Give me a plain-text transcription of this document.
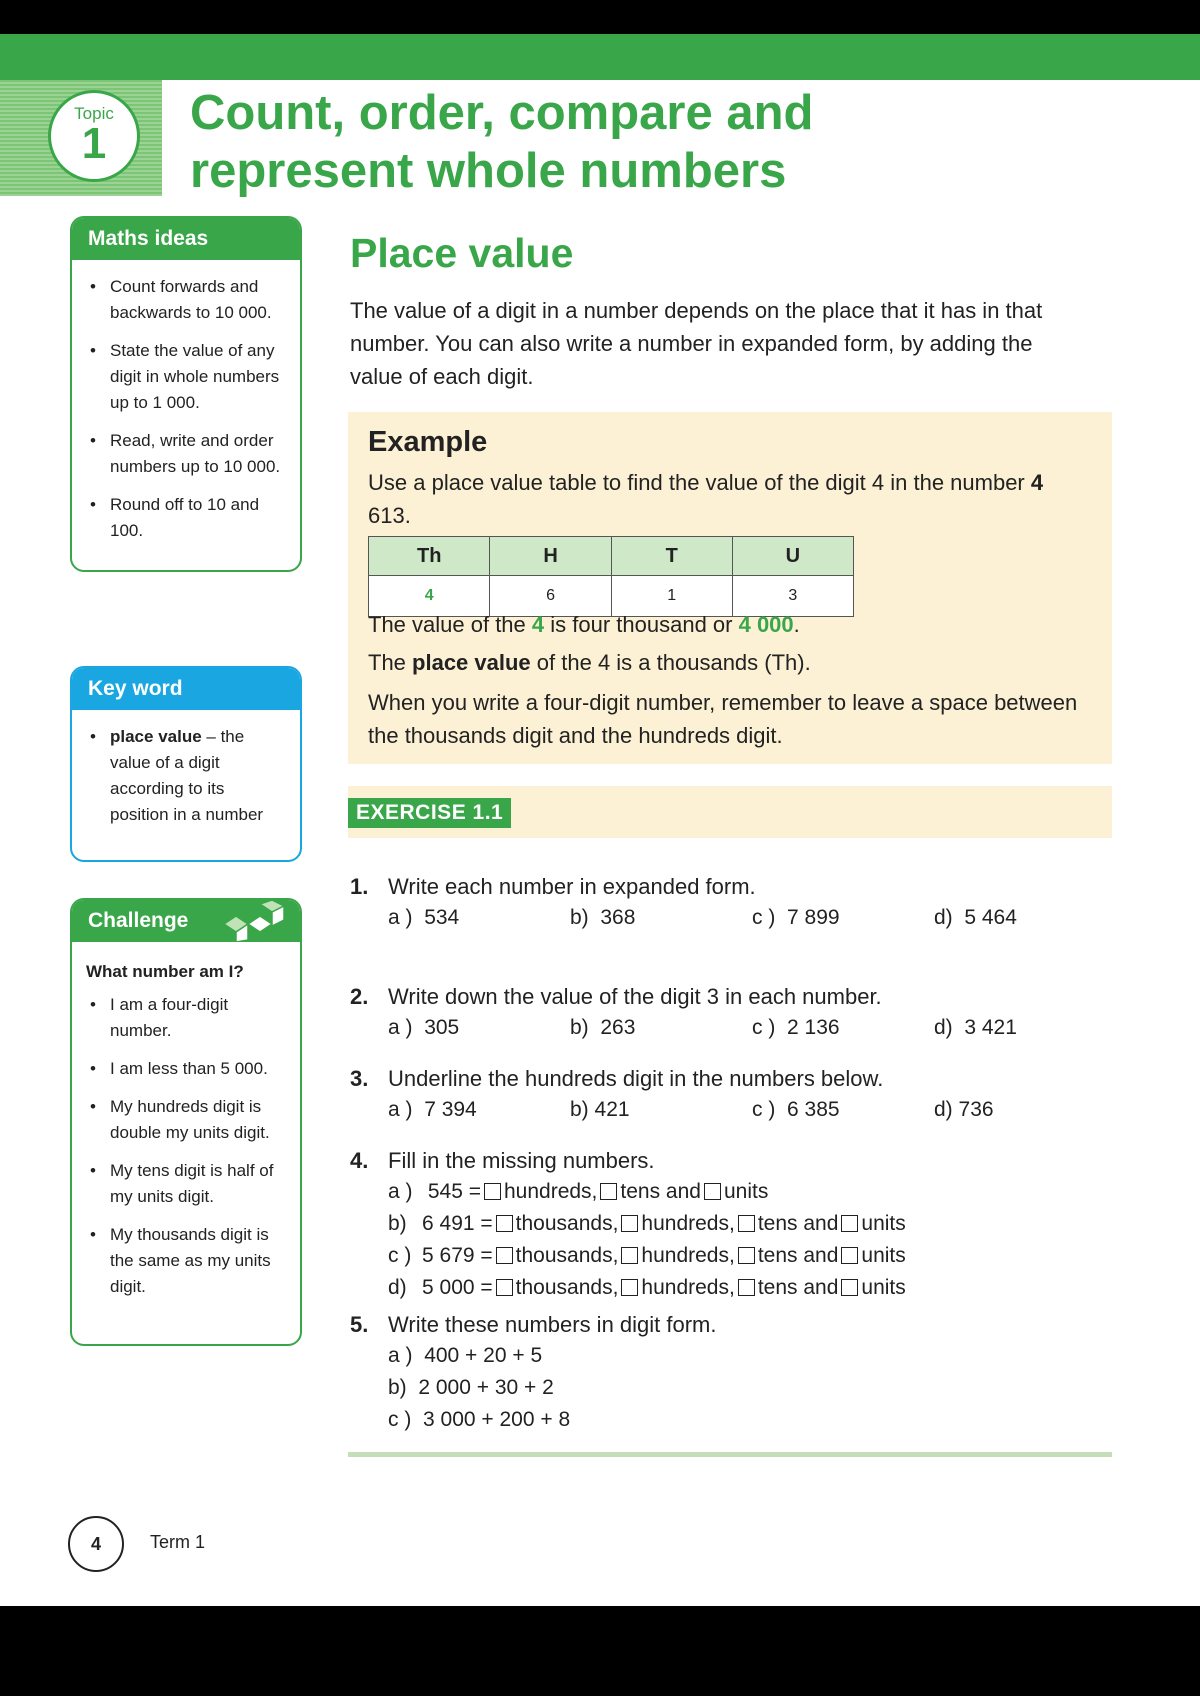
Topic
1
Count, order, compare and
represent whole numbers
Maths ideas
• Count forwards and backwards to 10 000.
• State the value of any digit in whole numbers up to 1 000.
• Read, write and order numbers up to 10 000.
• Round off to 10 and 100.
Key word
• place value – the value of a digit according to its position in a number
Challenge
What number am I?
• I am a four-digit number.
• I am less than 5 000.
• My hundreds digit is double my units digit.
• My tens digit is half of my units digit.
• My thousands digit is the same as my units digit.
Place value

The value of a digit in a number depends on the place that it has in that number. You can also write a number in expanded form, by adding the value of each digit.

Example

Use a place value table to find the value of the digit 4 in the number 4 613.

Th	H	T	U
4	6	1	3

The value of the 4 is four thousand or 4 000.

The place value of the 4 is a thousands (Th).

When you write a four-digit number, remember to leave a space between the thousands digit and the hundreds digit.

EXERCISE 1.1
1. Write each number in expanded form.
a ) 534	b) 368	c ) 7 899	d) 5 464
2. Write down the value of the digit 3 in each number.
a ) 305	b) 263	c ) 2 136	d) 3 421
3. Underline the hundreds digit in the numbers below.
a ) 7 394	b) 421	c ) 6 385	d) 736
4. Fill in the missing numbers.
a ) 545 = hundreds, tens and units
b) 6 491 = thousands, hundreds, tens and units
c ) 5 679 = thousands, hundreds, tens and units
d) 5 000 = thousands, hundreds, tens and units
5. Write these numbers in digit form.
a ) 400 + 20 + 5
b) 2 000 + 30 + 2
c ) 3 000 + 200 + 8
4	Term 1
